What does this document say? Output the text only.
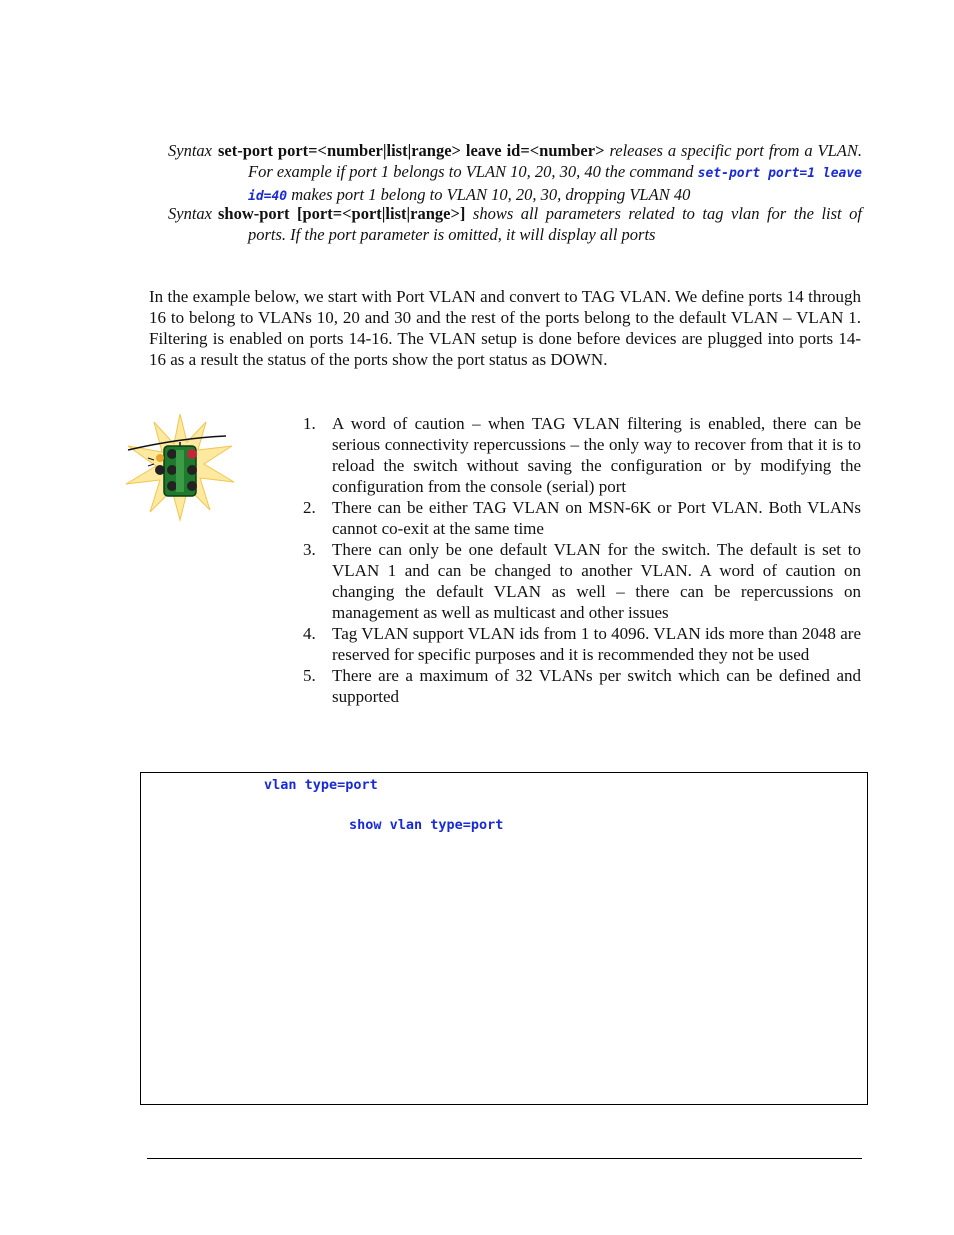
Syntax set-port port=<number|list|range> leave id=<number> releases a specific port from a VLAN. For example if port 1 belongs to VLAN 10, 20, 30, 40 the command set-port port=1 leave id=40 makes port 1 belong to VLAN 10, 20, 30, dropping VLAN 40
Syntax show-port [port=<port|list|range>] shows all parameters related to tag vlan for the list of ports. If the port parameter is omitted, it will display all ports

In the example below, we start with Port VLAN and convert to TAG VLAN. We define ports 14 through 16 to belong to VLANs 10, 20 and 30 and the rest of the ports belong to the default VLAN – VLAN 1. Filtering is enabled on ports 14-16. The VLAN setup is done before devices are plugged into ports 14-16 as a result the status of the ports show the port status as DOWN.

1. A word of caution – when TAG VLAN filtering is enabled, there can be serious connectivity repercussions – the only way to recover from that it is to reload the switch without saving the configuration or by modifying the configuration from the console (serial) port
2. There can be either TAG VLAN on MSN-6K or Port VLAN. Both VLANs cannot co-exit at the same time
3. There can only be one default VLAN for the switch. The default is set to VLAN 1 and can be changed to another VLAN. A word of caution on changing the default VLAN as well – there can be repercussions on management as well as multicast and other issues
4. Tag VLAN support VLAN ids from 1 to 4096. VLAN ids more than 2048 are reserved for specific purposes and it is recommended they not be used
5. There are a maximum of 32 VLANs per switch which can be defined and supported
vlan type=port
show vlan type=port
